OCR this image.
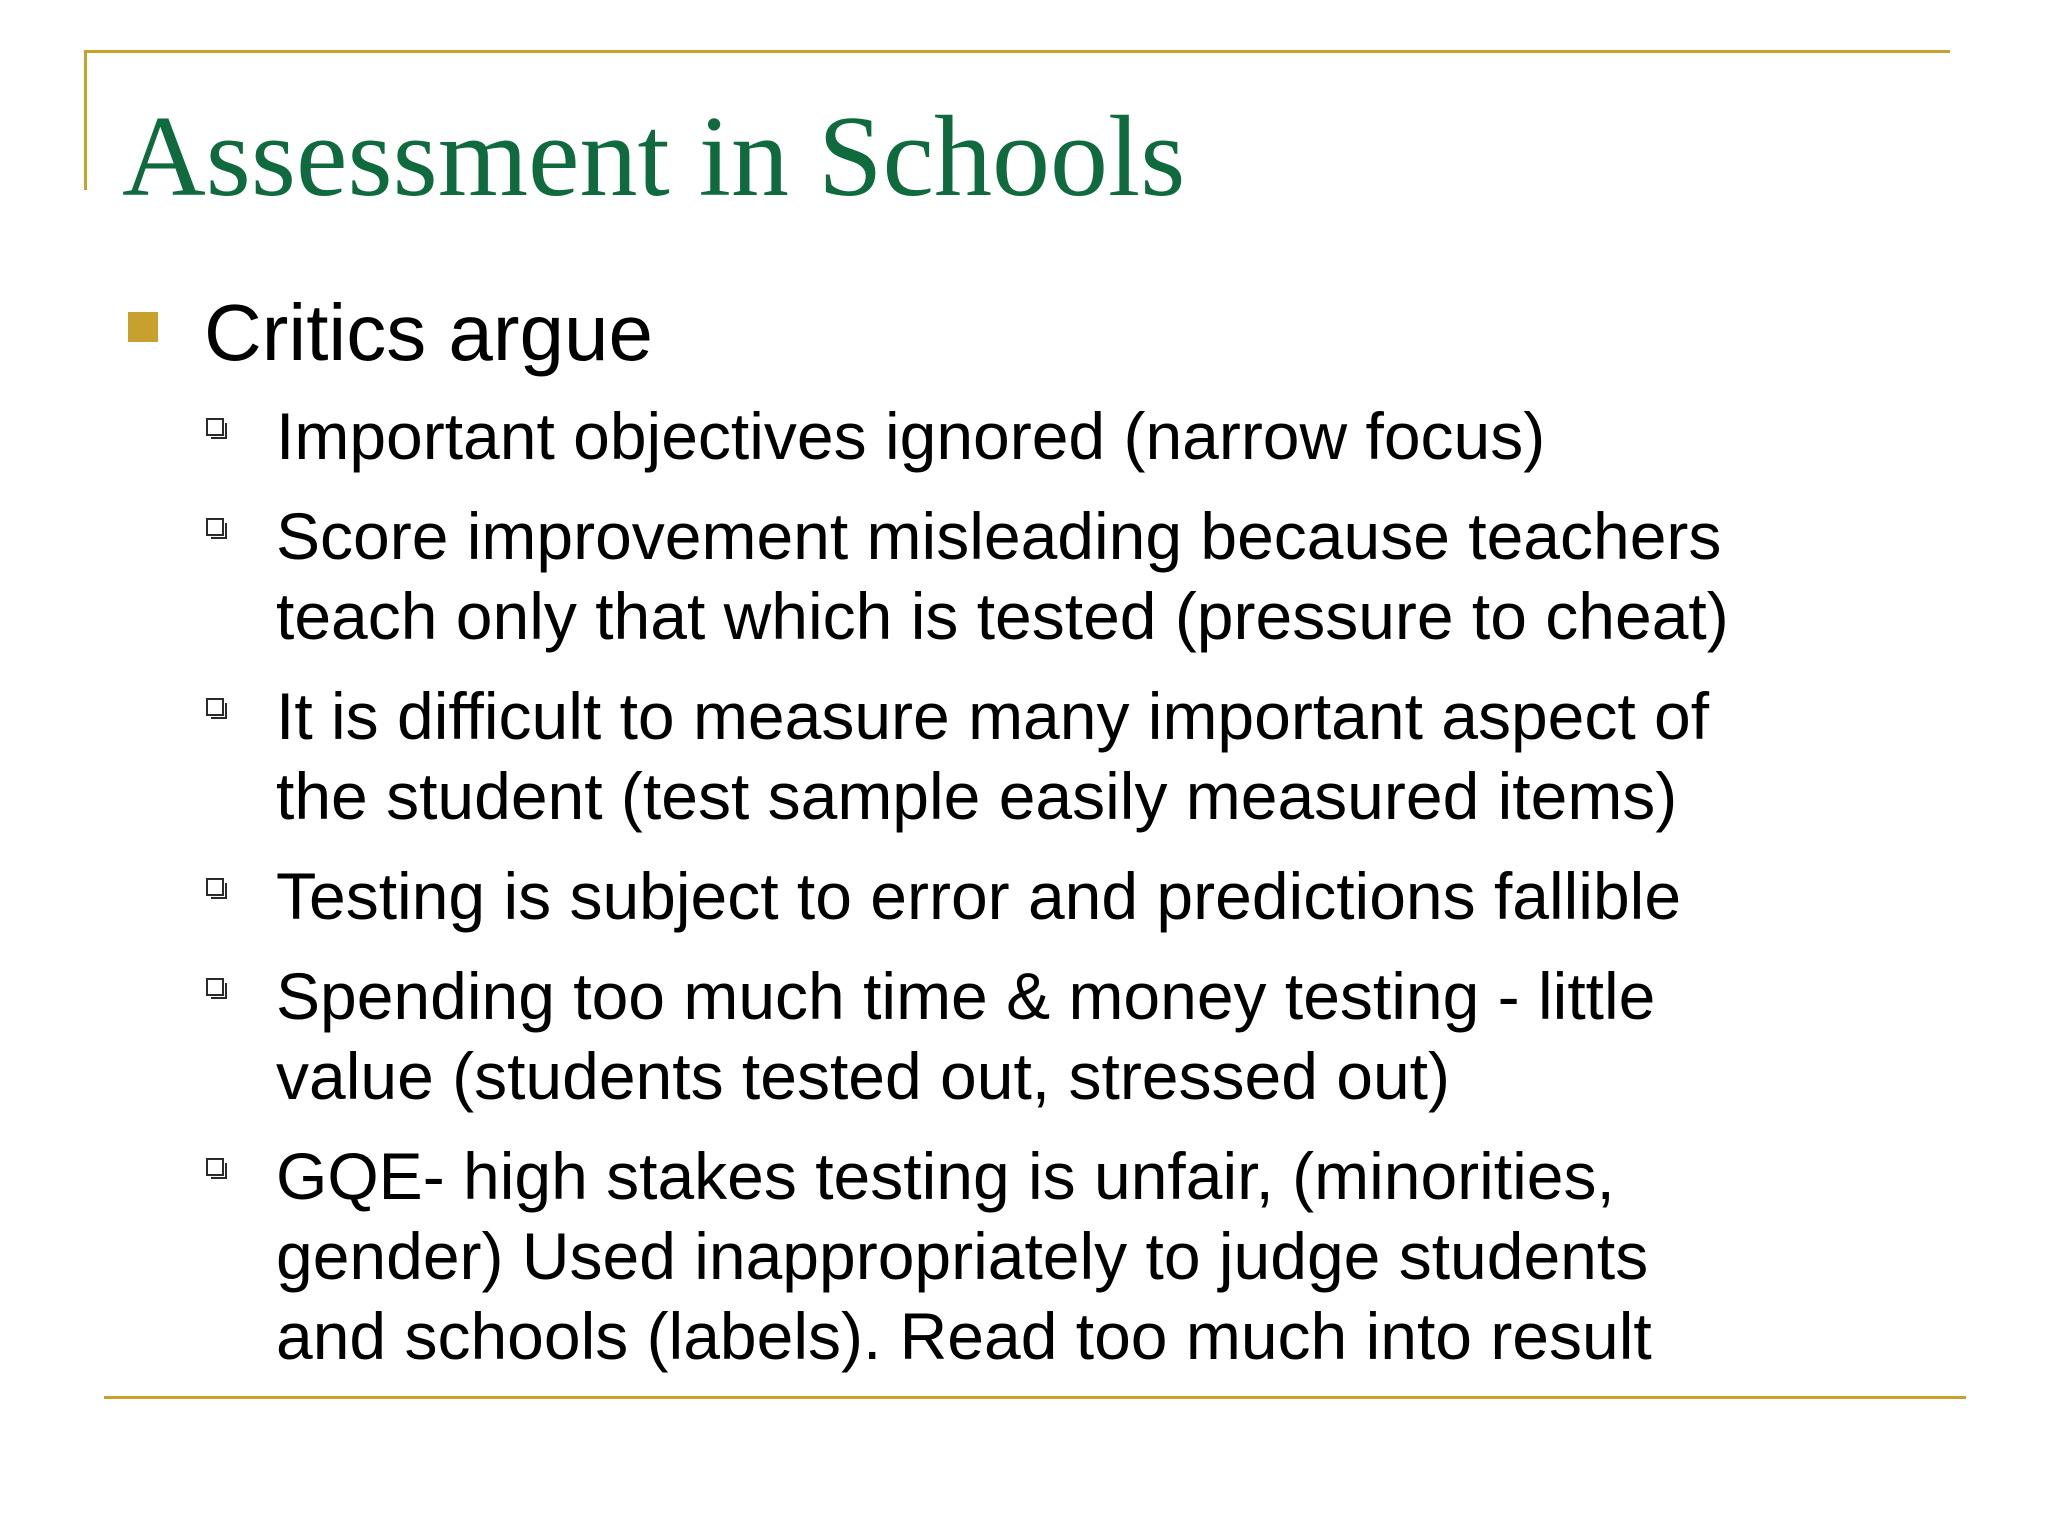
Assessment in Schools
Critics argue
Important objectives ignored (narrow focus)
Score improvement misleading because teachers
teach only that which is tested (pressure to cheat)
It is difficult to measure many important aspect of
the student (test sample easily measured items)
Testing is subject to error and predictions fallible
Spending too much time & money testing - little
value (students tested out, stressed out)
GQE- high stakes testing is unfair, (minorities,
gender) Used inappropriately to judge students
and schools (labels). Read too much into result
